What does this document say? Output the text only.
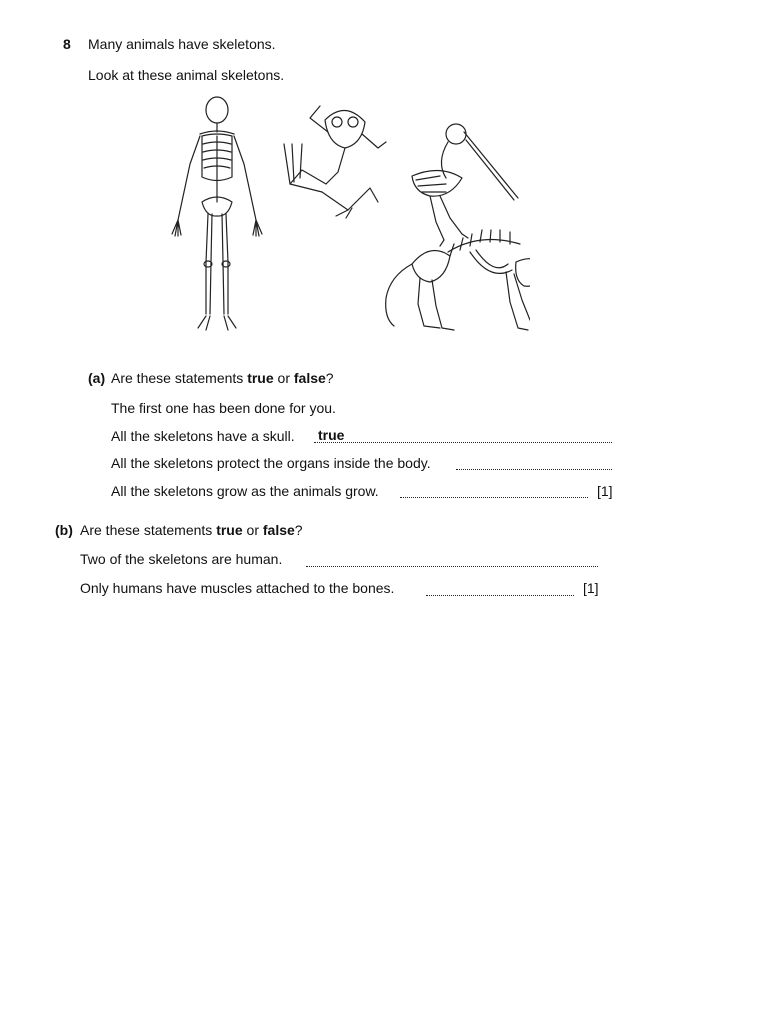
8 Many animals have skeletons.
Look at these animal skeletons.
(a) Are these statements true or false?
The first one has been done for you.
All the skeletons have a skull. true
All the skeletons protect the organs inside the body.
All the skeletons grow as the animals grow.	[1]
(b) Are these statements true or false?
Two of the skeletons are human.
Only humans have muscles attached to the bones.	[1]
